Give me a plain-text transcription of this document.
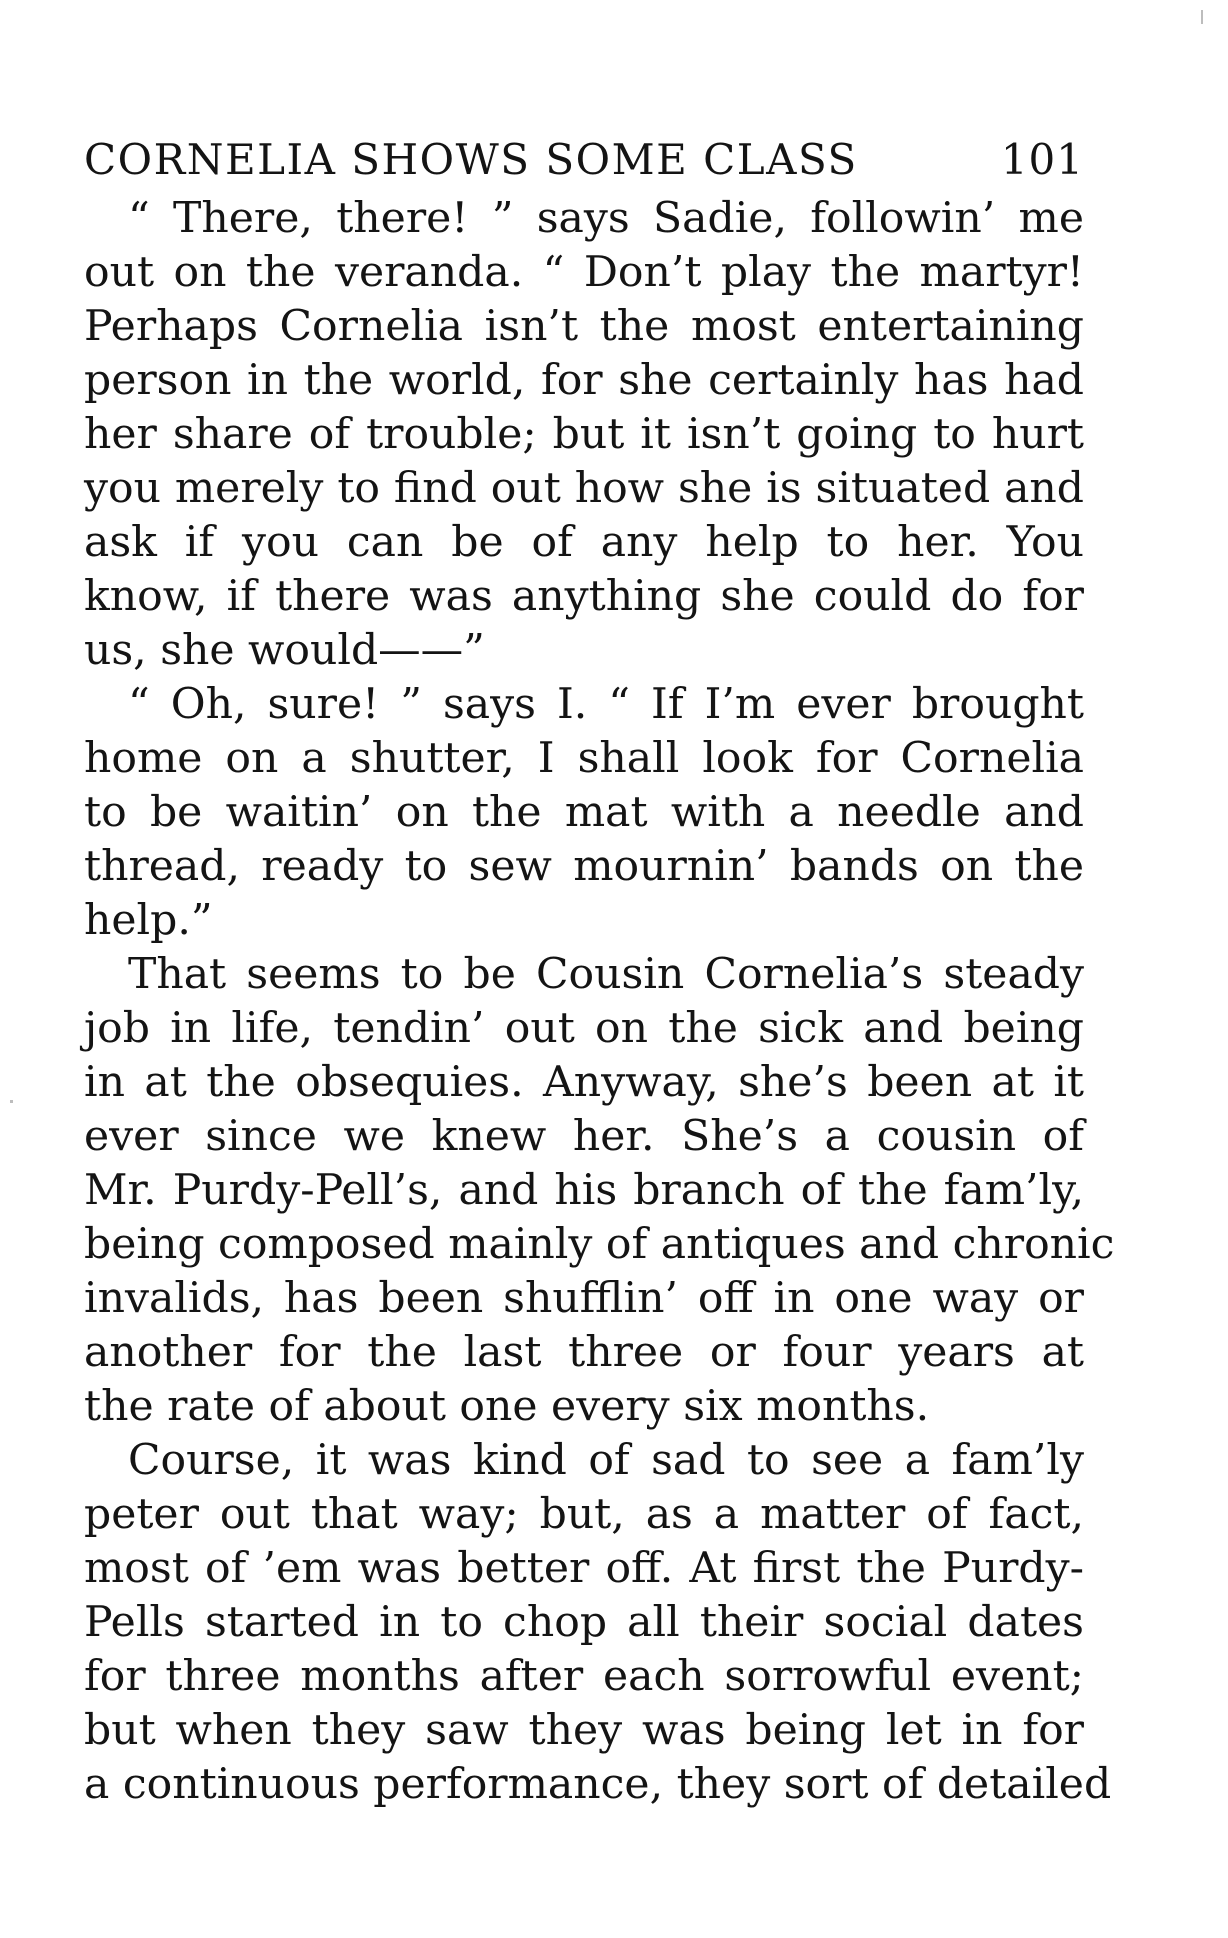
CORNELIA SHOWS SOME CLASS	101
“ There, there! ” says Sadie, followin’ me
out on the veranda. “ Don’t play the martyr!
Perhaps Cornelia isn’t the most entertaining
person in the world, for she certainly has had
her share of trouble; but it isn’t going to hurt
you merely to find out how she is situated and
ask if you can be of any help to her. You
know, if there was anything she could do for
us, she would——”
“ Oh, sure! ” says I. “ If I’m ever brought
home on a shutter, I shall look for Cornelia
to be waitin’ on the mat with a needle and
thread, ready to sew mournin’ bands on the
help.”
That seems to be Cousin Cornelia’s steady
job in life, tendin’ out on the sick and being
in at the obsequies. Anyway, she’s been at it
ever since we knew her. She’s a cousin of
Mr. Purdy-Pell’s, and his branch of the fam’ly,
being composed mainly of antiques and chronic
invalids, has been shufflin’ off in one way or
another for the last three or four years at
the rate of about one every six months.
Course, it was kind of sad to see a fam’ly
peter out that way; but, as a matter of fact,
most of ’em was better off. At first the Purdy-
Pells started in to chop all their social dates
for three months after each sorrowful event;
but when they saw they was being let in for
a continuous performance, they sort of detailed
